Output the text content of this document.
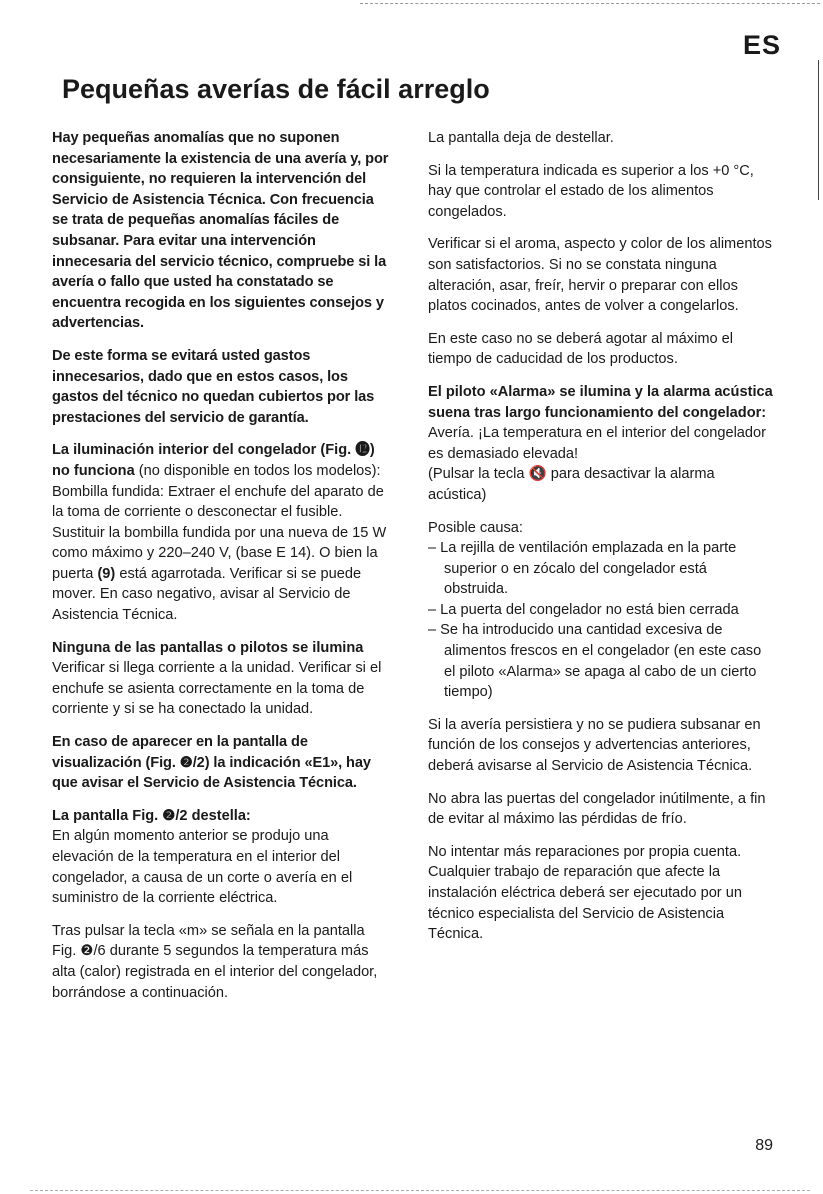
ES
Pequeñas averías de fácil arreglo

Hay pequeñas anomalías que no suponen necesariamente la existencia de una avería y, por consiguiente, no requieren la intervención del Servicio de Asistencia Técnica. Con frecuencia se trata de pequeñas anomalías fáciles de subsanar. Para evitar una intervención innecesaria del servicio técnico, compruebe si la avería o fallo que usted ha constatado se encuentra recogida en los siguientes consejos y advertencias.

De este forma se evitará usted gastos innecesarios, dado que en estos casos, los gastos del técnico no quedan cubiertos por las prestaciones del servicio de garantía.

La iluminación interior del congelador (Fig. ⓬) no funciona (no disponible en todos los modelos):
Bombilla fundida: Extraer el enchufe del aparato de la toma de corriente o desconectar el fusible. Sustituir la bombilla fundida por una nueva de 15 W como máximo y 220–240 V, (base E 14). O bien la puerta (9) está agarrotada. Verificar si se puede mover. En caso negativo, avisar al Servicio de Asistencia Técnica.

Ninguna de las pantallas o pilotos se ilumina
Verificar si llega corriente a la unidad. Verificar si el enchufe se asienta correctamente en la toma de corriente y si se ha conectado la unidad.

En caso de aparecer en la pantalla de visualización (Fig. ❷/2) la indicación «E1», hay que avisar el Servicio de Asistencia Técnica.

La pantalla Fig. ❷/2 destella:
En algún momento anterior se produjo una elevación de la temperatura en el interior del congelador, a causa de un corte o avería en el suministro de la corriente eléctrica.

Tras pulsar la tecla «m» se señala en la pantalla Fig. ❷/6 durante 5 segundos la temperatura más alta (calor) registrada en el interior del congelador, borrándose a continuación.

La pantalla deja de destellar.

Si la temperatura indicada es superior a los +0 °C, hay que controlar el estado de los alimentos congelados.

Verificar si el aroma, aspecto y color de los alimentos son satisfactorios. Si no se constata ninguna alteración, asar, freír, hervir o preparar con ellos platos cocinados, antes de volver a congelarlos.

En este caso no se deberá agotar al máximo el tiempo de caducidad de los productos.

El piloto «Alarma» se ilumina y la alarma acústica suena tras largo funcionamiento del congelador:
Avería. ¡La temperatura en el interior del congelador es demasiado elevada!
(Pulsar la tecla 🔇 para desactivar la alarma acústica)

Posible causa:

– La rejilla de ventilación emplazada en la parte superior o en zócalo del congelador está obstruida.

– La puerta del congelador no está bien cerrada

– Se ha introducido una cantidad excesiva de alimentos frescos en el congelador (en este caso el piloto «Alarma» se apaga al cabo de un cierto tiempo)

Si la avería persistiera y no se pudiera subsanar en función de los consejos y advertencias anteriores, deberá avisarse al Servicio de Asistencia Técnica.

No abra las puertas del congelador inútilmente, a fin de evitar al máximo las pérdidas de frío.

No intentar más reparaciones por propia cuenta. Cualquier trabajo de reparación que afecte la instalación eléctrica deberá ser ejecutado por un técnico especialista del Servicio de Asistencia Técnica.

89
